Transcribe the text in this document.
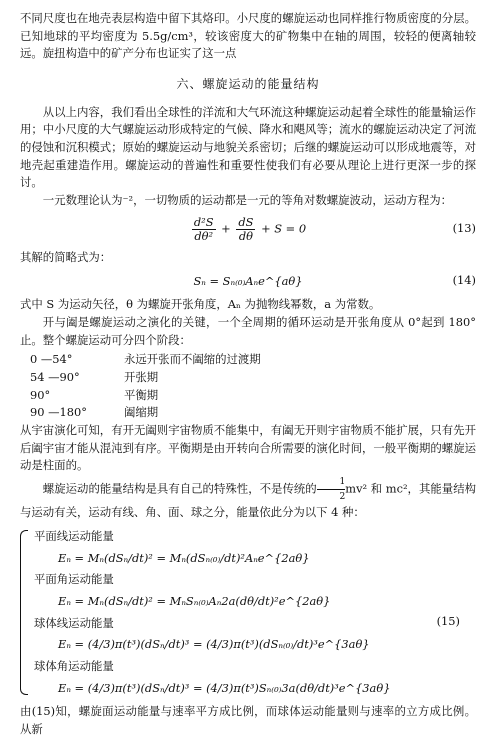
不同尺度也在地壳表层构造中留下其烙印。小尺度的螺旋运动也同样推行物质密度的分层。已知地球的平均密度为 5.5g/cm³，较该密度大的矿物集中在轴的周围，较轻的便离轴较远。旋扭构造中的矿产分布也证实了这一点

六、螺旋运动的能量结构

从以上内容，我们看出全球性的洋流和大气环流这种螺旋运动起着全球性的能量输运作用；中小尺度的大气螺旋运动形成特定的气候、降水和飓风等；流水的螺旋运动决定了河流的侵蚀和沉积模式；原始的螺旋运动与地貌关系密切；后继的螺旋运动可以形成地震等，对地壳起重建造作用。螺旋运动的普遍性和重要性使我们有必要从理论上进行更深一步的探讨。

一元数理论认为⁻²，一切物质的运动都是一元的等角对数螺旋波动，运动方程为：

$\frac{\text{d²S}}{\text{dθ²}} + \frac{dS}{d\theta} + S = 0$	(13)

其解的简略式为：

Sₙ = Sₙ₍₀₎Aₙe^{aθ}	(14)

式中 S 为运动矢径，θ 为螺旋开张角度，Aₙ 为抛物线幂数，a 为常数。

开与阖是螺旋运动之演化的关键，一个全周期的循环运动是开张角度从 0°起到 180°止。整个螺旋运动可分四个阶段：

0 —54°	永远开张而不阖缩的过渡期
54 —90°	开张期
90°	平衡期
90 —180°	阖缩期

从宇宙演化可知，有开无阖则宇宙物质不能集中，有阖无开则宇宙物质不能扩展，只有先开后阖宇宙才能从混沌到有序。平衡期是由开转向合所需要的演化时间，一般平衡期的螺旋运动是柱面的。

螺旋运动的能量结构是具有自己的特殊性，不是传统的 $\frac{1}{2} mv^2$ 和 mc²，其能量结构与运动有关，运动有线、角、面、球之分，能量依此分为以下 4 种：

平面线运动能量
Eₙ = Mₙ(dSₙ/dt)² = Mₙ(dSₙ₍₀₎/dt)²Aₙe^{2aθ}
平面角运动能量
Eₙ = Mₙ(dSₙ/dt)² = MₙSₙ₍₀₎Aₙ2a(dθ/dt)²e^{2aθ}
球体线运动能量
Eₙ = (4/3)π(t³)(dSₙ/dt)³ = (4/3)π(t³)(dSₙ₍₀₎/dt)³e^{3aθ}
球体角运动能量
Eₙ = (4/3)π(t³)(dSₙ/dt)³ = (4/3)π(t³)Sₙ₍₀₎3a(dθ/dt)³e^{3aθ}
(15)

由(15)知，螺旋面运动能量与速率平方成比例，而球体运动能量则与速率的立方成比例。从新
